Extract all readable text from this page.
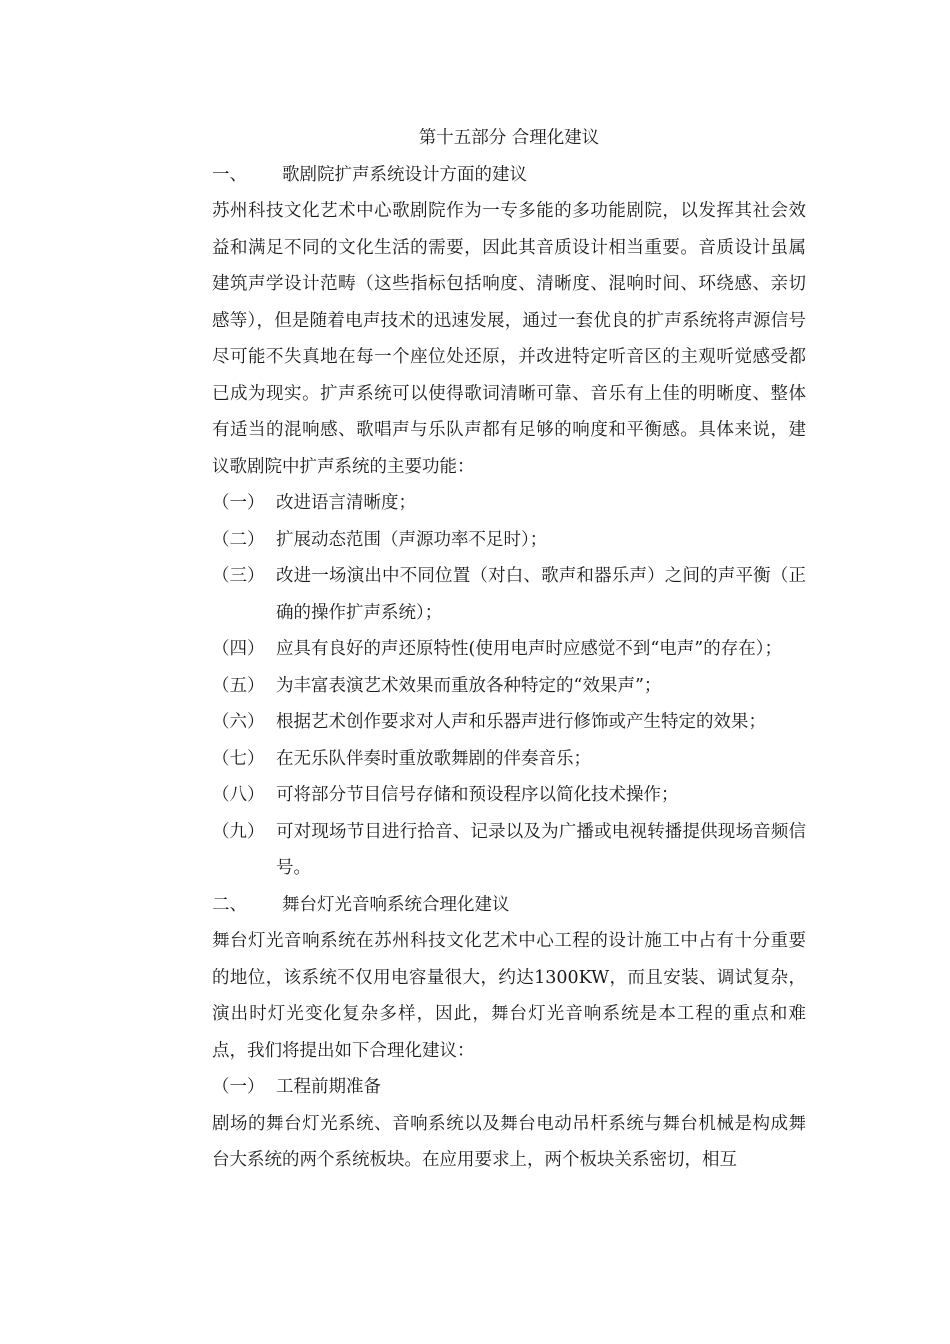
第十五部分 合理化建议
一、 歌剧院扩声系统设计方面的建议
苏州科技文化艺术中心歌剧院作为一专多能的多功能剧院，以发挥其社会效益和满足不同的文化生活的需要，因此其音质设计相当重要。音质设计虽属建筑声学设计范畴（这些指标包括响度、清晰度、混响时间、环绕感、亲切感等），但是随着电声技术的迅速发展，通过一套优良的扩声系统将声源信号尽可能不失真地在每一个座位处还原，并改进特定听音区的主观听觉感受都已成为现实。扩声系统可以使得歌词清晰可靠、音乐有上佳的明晰度、整体有适当的混响感、歌唱声与乐队声都有足够的响度和平衡感。具体来说，建议歌剧院中扩声系统的主要功能：
（一） 改进语言清晰度；
（二） 扩展动态范围（声源功率不足时）；
（三） 改进一场演出中不同位置（对白、歌声和器乐声）之间的声平衡（正确的操作扩声系统）；
（四） 应具有良好的声还原特性(使用电声时应感觉不到“电声”的存在）；
（五） 为丰富表演艺术效果而重放各种特定的“效果声”；
（六） 根据艺术创作要求对人声和乐器声进行修饰或产生特定的效果；
（七） 在无乐队伴奏时重放歌舞剧的伴奏音乐；
（八） 可将部分节目信号存储和预设程序以简化技术操作；
（九） 可对现场节目进行拾音、记录以及为广播或电视转播提供现场音频信号。
二、 舞台灯光音响系统合理化建议
舞台灯光音响系统在苏州科技文化艺术中心工程的设计施工中占有十分重要的地位，该系统不仅用电容量很大，约达1300KW，而且安装、调试复杂，演出时灯光变化复杂多样，因此，舞台灯光音响系统是本工程的重点和难点，我们将提出如下合理化建议：
（一） 工程前期准备
剧场的舞台灯光系统、音响系统以及舞台电动吊杆系统与舞台机械是构成舞台大系统的两个系统板块。在应用要求上，两个板块关系密切，相互
